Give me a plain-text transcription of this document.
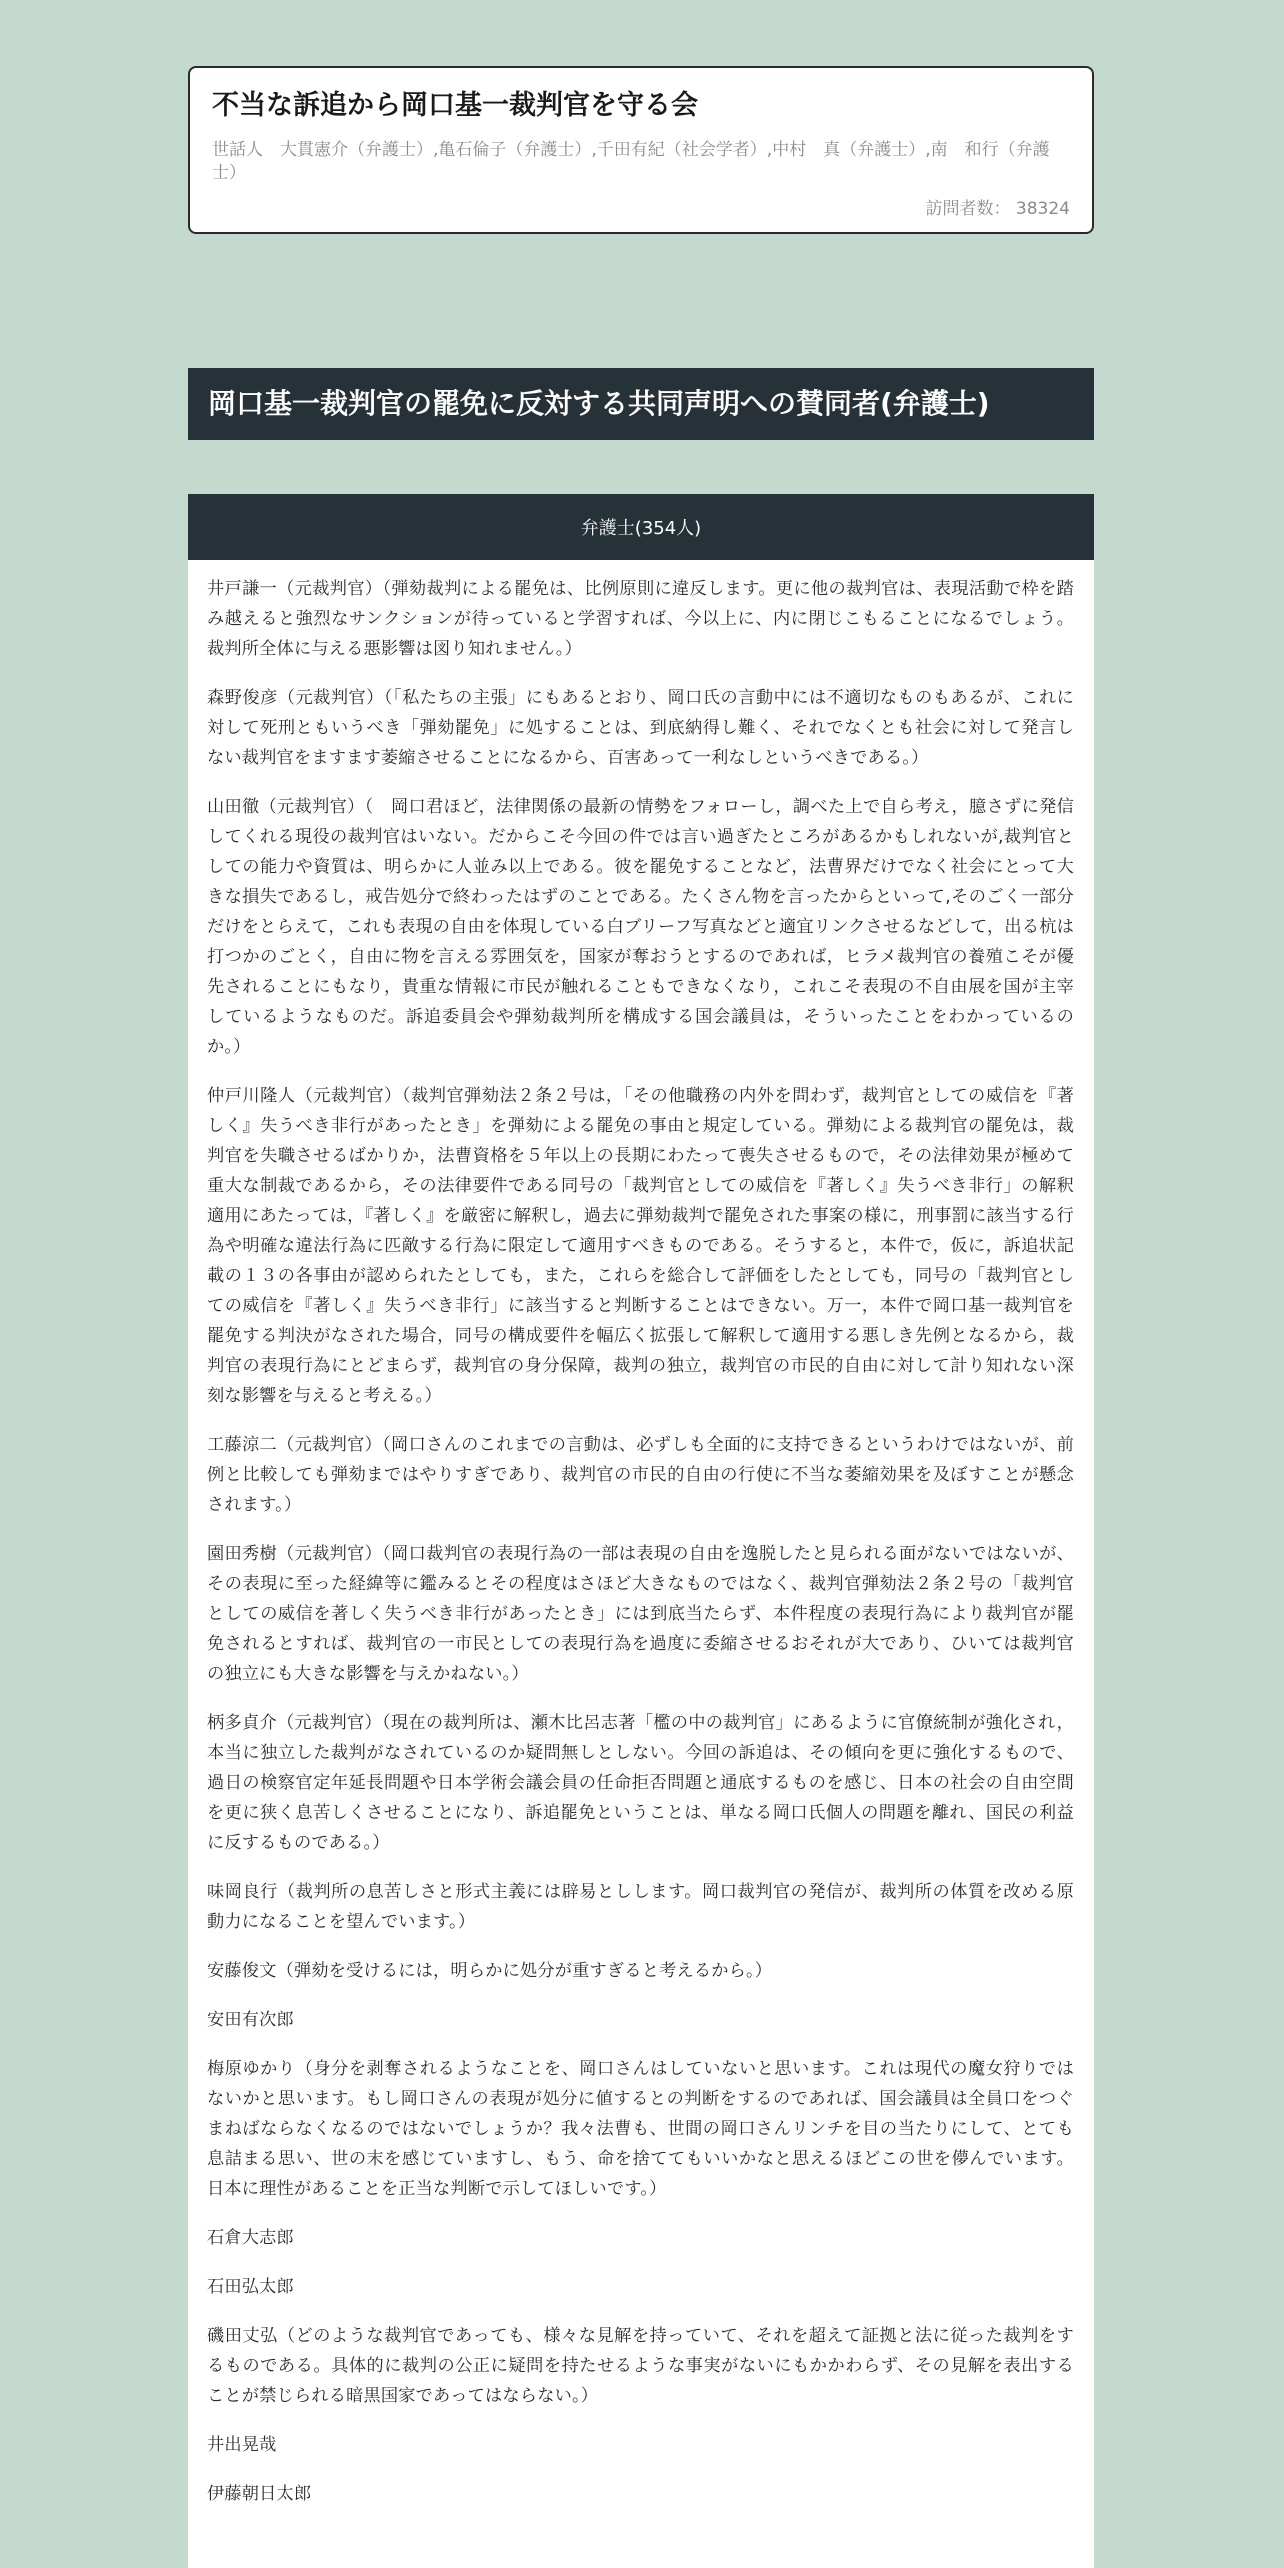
不当な訴追から岡口基一裁判官を守る会
世話人　大貫憲介（弁護士）,亀石倫子（弁護士）,千田有紀（社会学者）,中村　真（弁護士）,南　和行（弁護士）
訪問者数： 38324
岡口基一裁判官の罷免に反対する共同声明への賛同者(弁護士)
弁護士(354人)

井戸謙一（元裁判官）（弾劾裁判による罷免は、比例原則に違反します。更に他の裁判官は、表現活動で枠を踏み越えると強烈なサンクションが待っていると学習すれば、今以上に、内に閉じこもることになるでしょう。裁判所全体に与える悪影響は図り知れません。）

森野俊彦（元裁判官）（「私たちの主張」にもあるとおり、岡口氏の言動中には不適切なものもあるが、これに対して死刑ともいうべき「弾劾罷免」に処することは、到底納得し難く、それでなくとも社会に対して発言しない裁判官をますます萎縮させることになるから、百害あって一利なしというべきである。）

山田徹（元裁判官）（　岡口君ほど，法律関係の最新の情勢をフォローし，調べた上で自ら考え，臆さずに発信してくれる現役の裁判官はいない。だからこそ今回の件では言い過ぎたところがあるかもしれないが,裁判官としての能力や資質は、明らかに人並み以上である。彼を罷免することなど，法曹界だけでなく社会にとって大きな損失であるし，戒告処分で終わったはずのことである。たくさん物を言ったからといって,そのごく一部分だけをとらえて，これも表現の自由を体現している白ブリーフ写真などと適宜リンクさせるなどして，出る杭は打つかのごとく，自由に物を言える雰囲気を，国家が奪おうとするのであれば，ヒラメ裁判官の養殖こそが優先されることにもなり，貴重な情報に市民が触れることもできなくなり，これこそ表現の不自由展を国が主宰しているようなものだ。訴追委員会や弾劾裁判所を構成する国会議員は，そういったことをわかっているのか。）

仲戸川隆人（元裁判官）（裁判官弾劾法２条２号は，「その他職務の内外を問わず，裁判官としての威信を『著しく』失うべき非行があったとき」を弾劾による罷免の事由と規定している。弾劾による裁判官の罷免は，裁判官を失職させるばかりか，法曹資格を５年以上の長期にわたって喪失させるもので，その法律効果が極めて重大な制裁であるから，その法律要件である同号の「裁判官としての威信を『著しく』失うべき非行」の解釈適用にあたっては，『著しく』を厳密に解釈し，過去に弾劾裁判で罷免された事案の様に，刑事罰に該当する行為や明確な違法行為に匹敵する行為に限定して適用すべきものである。そうすると，本件で，仮に，訴追状記載の１３の各事由が認められたとしても，また，これらを総合して評価をしたとしても，同号の「裁判官としての威信を『著しく』失うべき非行」に該当すると判断することはできない。万一，本件で岡口基一裁判官を罷免する判決がなされた場合，同号の構成要件を幅広く拡張して解釈して適用する悪しき先例となるから，裁判官の表現行為にとどまらず，裁判官の身分保障，裁判の独立，裁判官の市民的自由に対して計り知れない深刻な影響を与えると考える。）

工藤涼二（元裁判官）（岡口さんのこれまでの言動は、必ずしも全面的に支持できるというわけではないが、前例と比較しても弾劾まではやりすぎであり、裁判官の市民的自由の行使に不当な萎縮効果を及ぼすことが懸念されます。）

園田秀樹（元裁判官）（岡口裁判官の表現行為の一部は表現の自由を逸脱したと見られる面がないではないが、その表現に至った経緯等に鑑みるとその程度はさほど大きなものではなく、裁判官弾劾法２条２号の「裁判官としての威信を著しく失うべき非行があったとき」には到底当たらず、本件程度の表現行為により裁判官が罷免されるとすれば、裁判官の一市民としての表現行為を過度に委縮させるおそれが大であり、ひいては裁判官の独立にも大きな影響を与えかねない。）

柄多貞介（元裁判官）（現在の裁判所は、瀬木比呂志著「檻の中の裁判官」にあるように官僚統制が強化され，本当に独立した裁判がなされているのか疑問無しとしない。今回の訴追は、その傾向を更に強化するもので、過日の検察官定年延長問題や日本学術会議会員の任命拒否問題と通底するものを感じ、日本の社会の自由空間を更に狭く息苦しくさせることになり、訴追罷免ということは、単なる岡口氏個人の問題を離れ、国民の利益に反するものである。）

味岡良行（裁判所の息苦しさと形式主義には辟易としします。岡口裁判官の発信が、裁判所の体質を改める原動力になることを望んでいます。）

安藤俊文（弾劾を受けるには，明らかに処分が重すぎると考えるから。）

安田有次郎

梅原ゆかり（身分を剥奪されるようなことを、岡口さんはしていないと思います。これは現代の魔女狩りではないかと思います。もし岡口さんの表現が処分に値するとの判断をするのであれば、国会議員は全員口をつぐまねばならなくなるのではないでしょうか？我々法曹も、世間の岡口さんリンチを目の当たりにして、とても息詰まる思い、世の末を感じていますし、もう、命を捨ててもいいかなと思えるほどこの世を儚んでいます。日本に理性があることを正当な判断で示してほしいです。）

石倉大志郎

石田弘太郎

磯田丈弘（どのような裁判官であっても、様々な見解を持っていて、それを超えて証拠と法に従った裁判をするものである。具体的に裁判の公正に疑問を持たせるような事実がないにもかかわらず、その見解を表出することが禁じられる暗黒国家であってはならない。）

井出晃哉

伊藤朝日太郎
